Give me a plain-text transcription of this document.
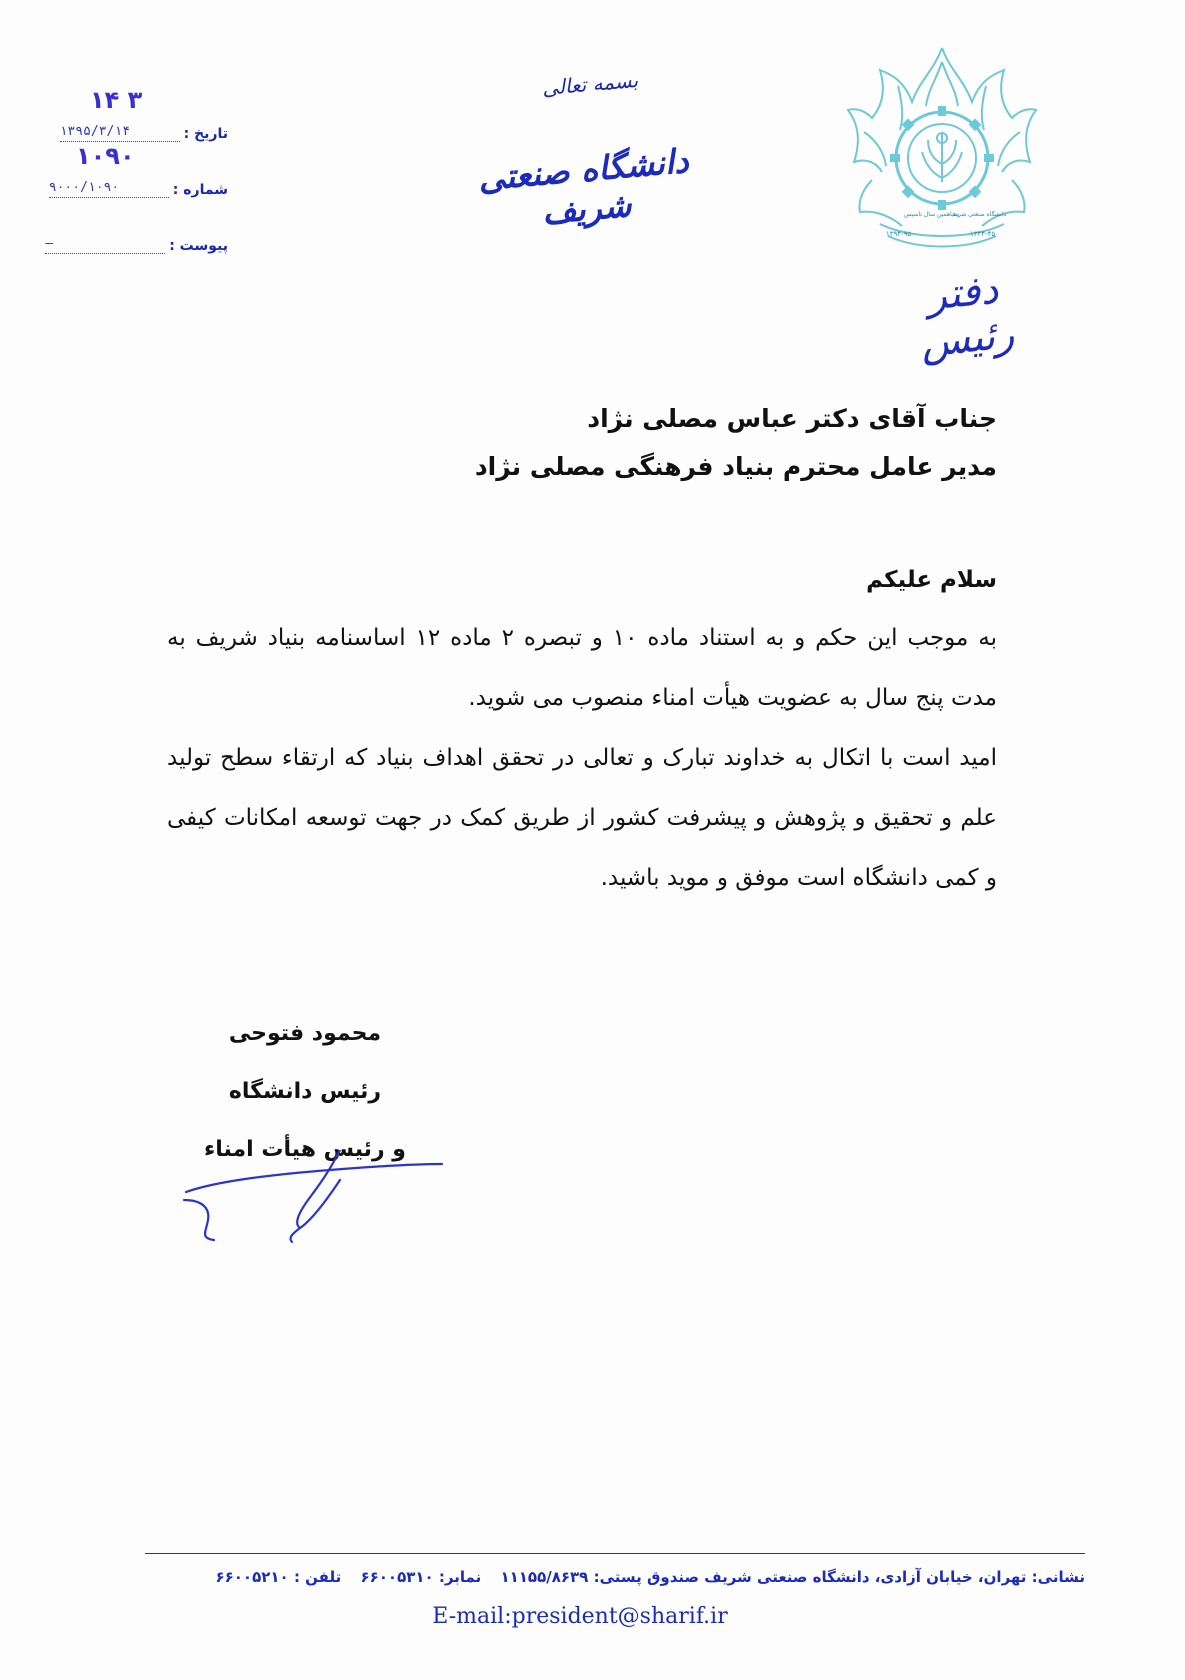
پنجاهمین سال تاسیس
دانشگاه صنعتی شریف
۱۳۴۴-۴۵
۱۳۹۴-۹۵
دفتر رئیس
بسمه تعالی
دانشگاه صنعتی شریف
تاریخ :
۱۳۹۵/۳/۱۴
۱۴ ۳
شماره :
۹۰۰۰/۱۰۹۰
۱۰۹۰
پیوست :
—
جناب آقای دکتر عباس مصلی نژاد
مدیر عامل محترم بنیاد فرهنگی مصلی نژاد
سلام علیکم

به موجب این حکم و به استناد ماده ۱۰ و تبصره ۲ ماده ۱۲ اساسنامه بنیاد شریف به مدت پنج سال به عضویت هیأت امناء منصوب می شوید.

امید است با اتکال به خداوند تبارک و تعالی در تحقق اهداف بنیاد که ارتقاء سطح تولید علم و تحقیق و پژوهش و پیشرفت کشور از طریق کمک در جهت توسعه امکانات کیفی و کمی دانشگاه است موفق و موید باشید.

محمود فتوحی
رئیس دانشگاه
و رئیس هیأت امناء
نشانی: تهران، خیابان آزادی، دانشگاه صنعتی شریف صندوق پستی: ۱۱۱۵۵/۸۶۳۹ نمابر: ۶۶۰۰۵۳۱۰ تلفن : ۶۶۰۰۵۲۱۰
E-mail:president@sharif.ir
